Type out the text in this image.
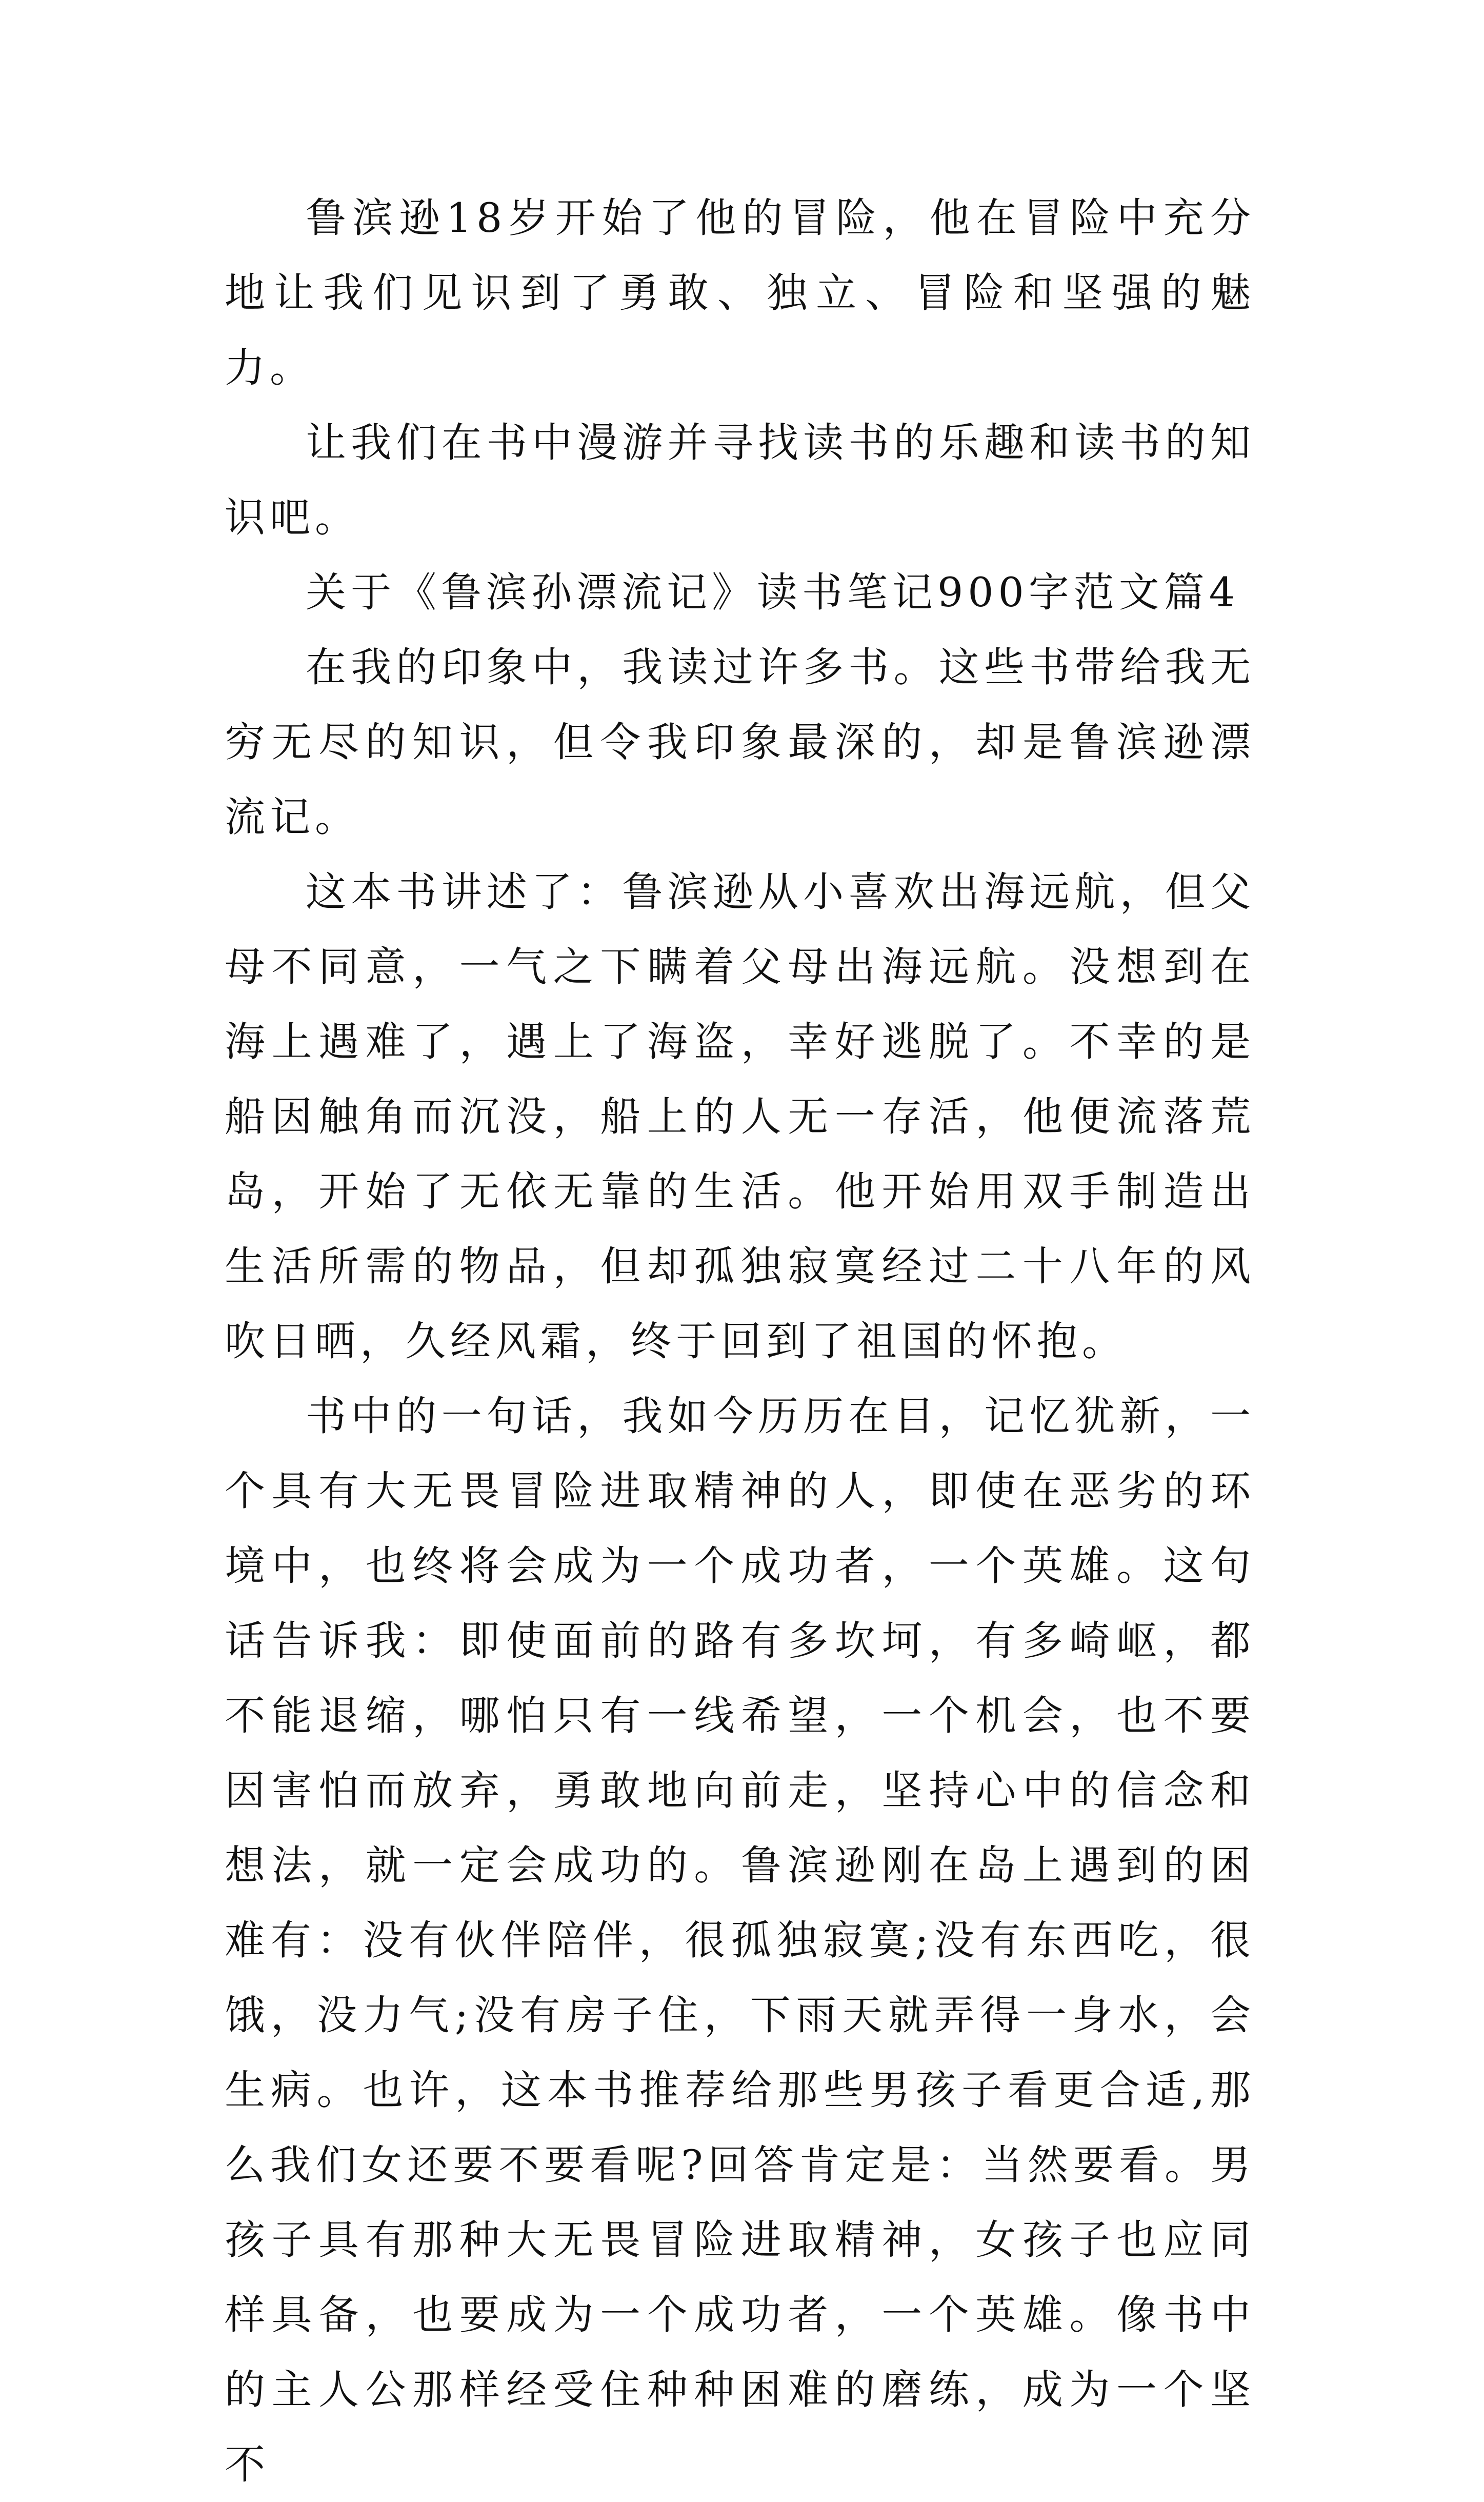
鲁滨逊18岁开始了他的冒险，他在冒险中充分地让我们见识到了勇敢、独立、冒险和坚强的魅力。

让我们在书中漫游并寻找读书的乐趣和读书的知识吧。

关于《鲁滨孙漂流记》读书笔记900字范文篇4

在我的印象中，我读过许多书。这些书带给我无穷无尽的知识，但令我印象最深的，却是鲁滨逊漂流记。

这本书讲述了：鲁滨逊从小喜欢出海远航，但父母不同意，一气之下瞒着父母出海远航。没想到在海上遇难了，遇上了海盗，幸好逃脱了。不幸的是船因触角而沉没，船上的人无一存活，他便流落荒岛，开始了无依无靠的生活。他开始用双手制造出生活所需的物品，但却孤独寂寞经过二十八年的风吹日晒，久经风霜，终于回到了祖国的怀抱。

书中的一句话，我如今历历在目，记忆犹新，一个具有大无畏冒险进取精神的人，即使在恶劣的环境中，也终将会成为一个成功者，一个英雄。这句话告诉我：即使面前的路有多坎坷，有多崎岖，都不能退缩，哪怕只有一线希望，一个机会，也不要因害怕而放弃，勇敢地向前走，坚持心中的信念和想法，就一定会成功的。鲁滨逊刚在岛上遇到的困难有：没有伙伴陪伴，很孤独寂寞;没有东西吃，很饿，没力气;没有房子住，下雨天就弄得一身水，会生病。也许，这本书推荐给那些男孩子看更合适,那么我们女还要不要看呢?回答肯定是：当然要看。男孩子具有那种大无畏冒险进取精神，女孩子也应同样具备，也要成为一个成功者，一个英雄。像书中的主人公那样经受住种种困难的磨练，成为一个坚不
